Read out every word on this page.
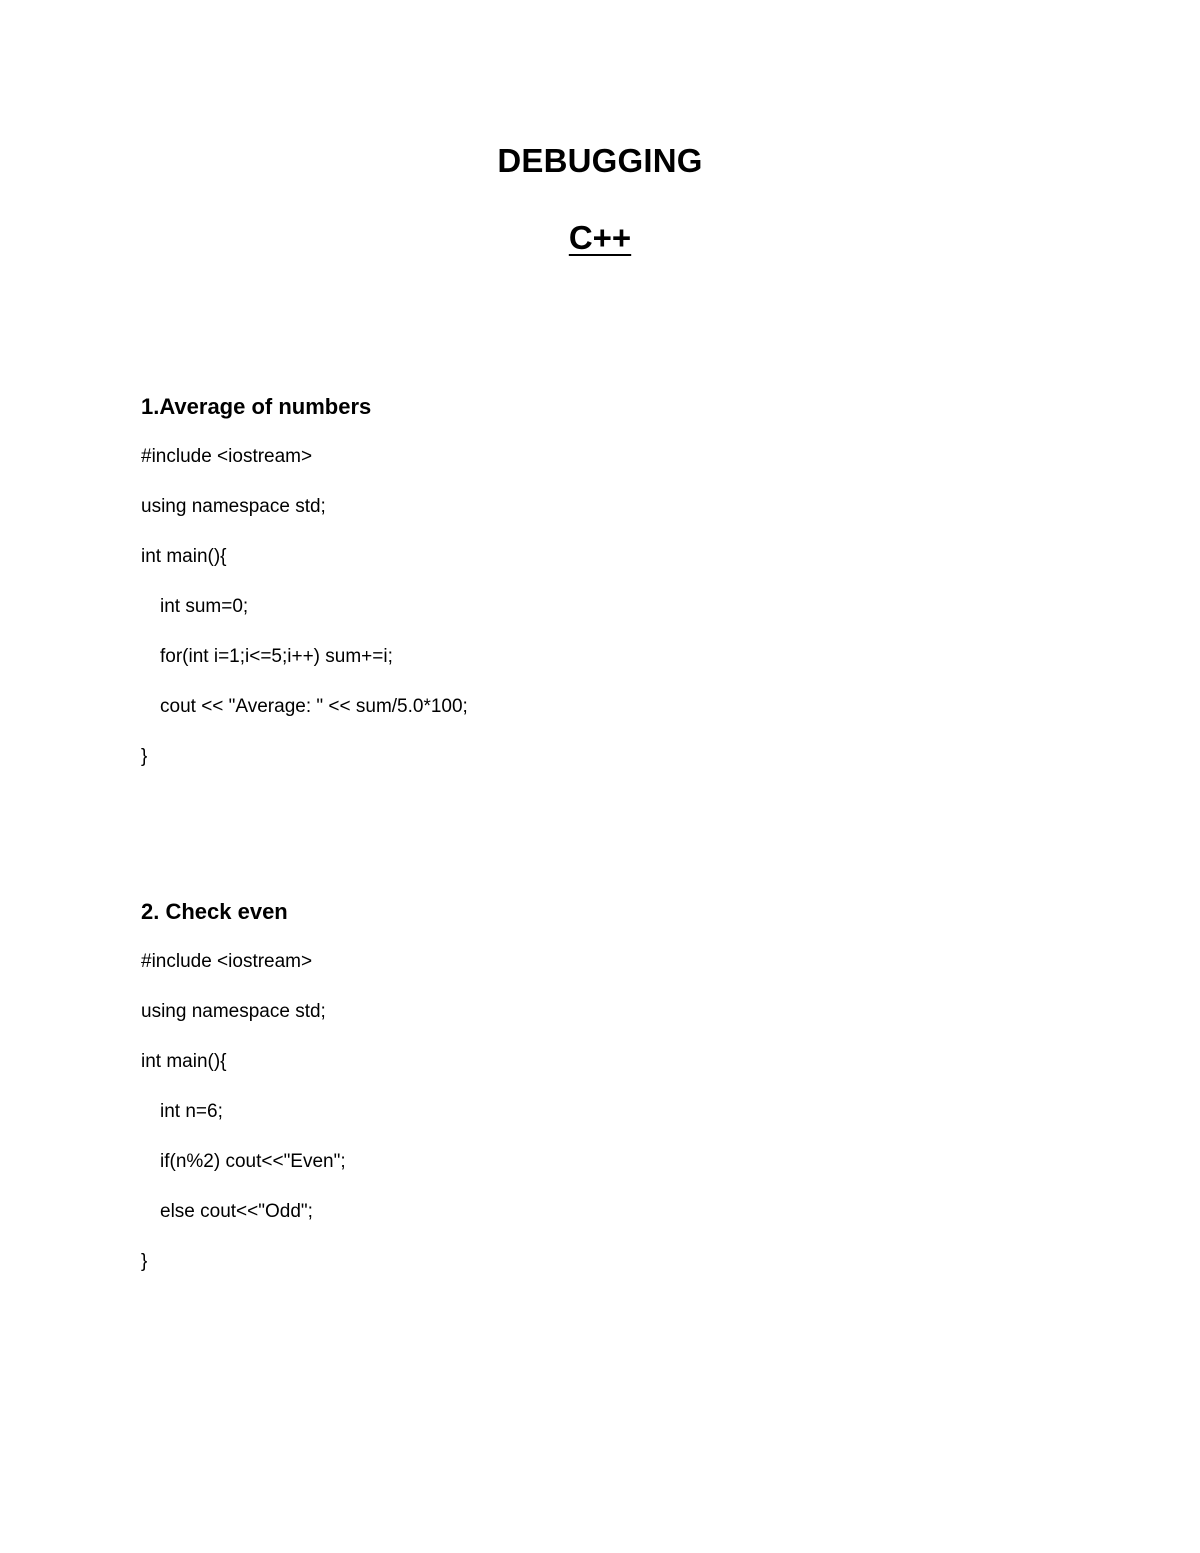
DEBUGGING
C++
1.Average of numbers
#include <iostream>
using namespace std;
int main(){
int sum=0;
for(int i=1;i<=5;i++) sum+=i;
cout << "Average: " << sum/5.0*100;
}
2. Check even
#include <iostream>
using namespace std;
int main(){
int n=6;
if(n%2) cout<<"Even";
else cout<<"Odd";
}
